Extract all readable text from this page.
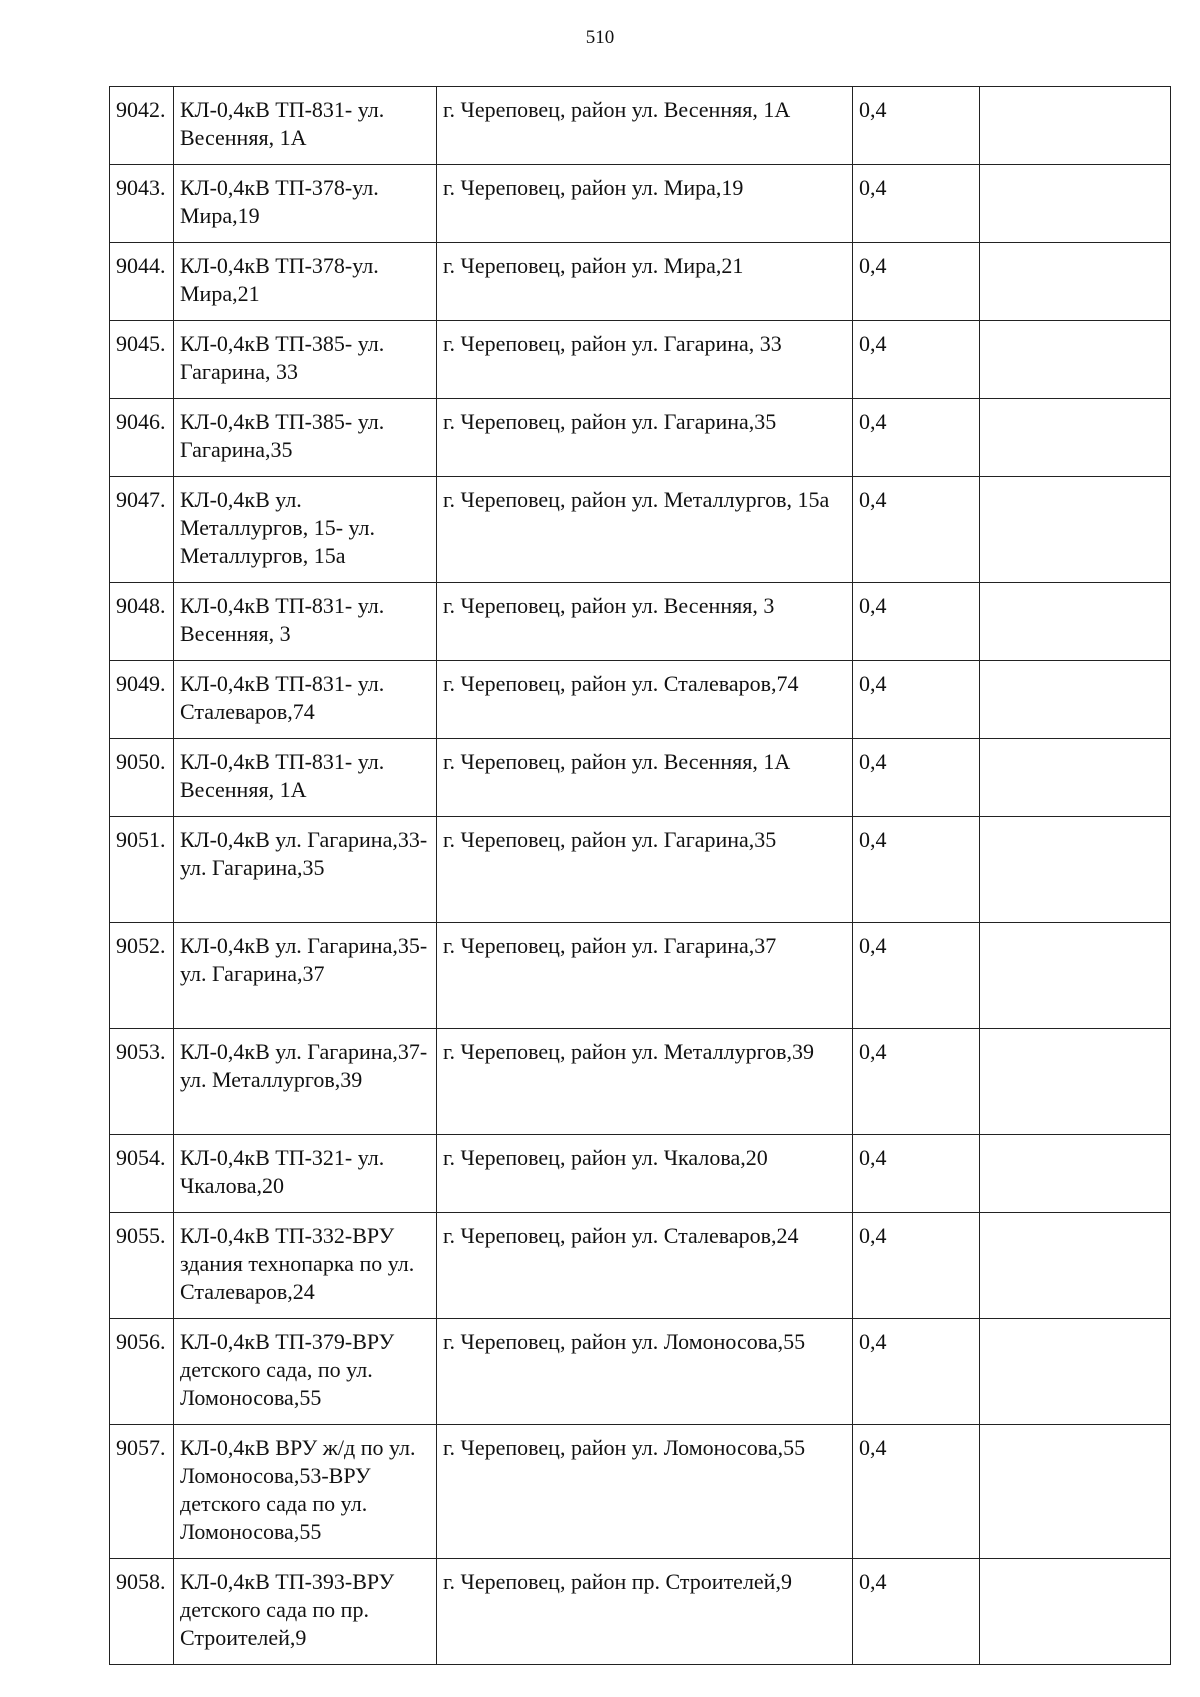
510
9042.	КЛ-0,4кВ ТП-831- ул. Весенняя, 1А	г. Череповец, район ул. Весенняя, 1А	0,4	
9043.	КЛ-0,4кВ ТП-378-ул. Мира,19	г. Череповец, район ул. Мира,19	0,4	
9044.	КЛ-0,4кВ ТП-378-ул. Мира,21	г. Череповец, район ул. Мира,21	0,4	
9045.	КЛ-0,4кВ ТП-385- ул. Гагарина, 33	г. Череповец, район ул. Гагарина, 33	0,4	
9046.	КЛ-0,4кВ ТП-385- ул. Гагарина,35	г. Череповец, район ул. Гагарина,35	0,4	
9047.	КЛ-0,4кВ ул. Металлургов, 15- ул. Металлургов, 15а	г. Череповец, район ул. Металлургов, 15а	0,4	
9048.	КЛ-0,4кВ ТП-831- ул. Весенняя, 3	г. Череповец, район ул. Весенняя, 3	0,4	
9049.	КЛ-0,4кВ ТП-831- ул. Сталеваров,74	г. Череповец, район ул. Сталеваров,74	0,4	
9050.	КЛ-0,4кВ ТП-831- ул. Весенняя, 1А	г. Череповец, район ул. Весенняя, 1А	0,4	
9051.	КЛ-0,4кВ ул. Гагарина,33- ул. Гагарина,35	г. Череповец, район ул. Гагарина,35	0,4	
9052.	КЛ-0,4кВ ул. Гагарина,35- ул. Гагарина,37	г. Череповец, район ул. Гагарина,37	0,4	
9053.	КЛ-0,4кВ ул. Гагарина,37- ул. Металлургов,39	г. Череповец, район ул. Металлургов,39	0,4	
9054.	КЛ-0,4кВ ТП-321- ул. Чкалова,20	г. Череповец, район ул. Чкалова,20	0,4	
9055.	КЛ-0,4кВ ТП-332-ВРУ здания технопарка по ул. Сталеваров,24	г. Череповец, район ул. Сталеваров,24	0,4	
9056.	КЛ-0,4кВ ТП-379-ВРУ детского сада, по ул. Ломоносова,55	г. Череповец, район ул. Ломоносова,55	0,4	
9057.	КЛ-0,4кВ ВРУ ж/д по ул. Ломоносова,53-ВРУ детского сада по ул. Ломоносова,55	г. Череповец, район ул. Ломоносова,55	0,4	
9058.	КЛ-0,4кВ ТП-393-ВРУ детского сада по пр. Строителей,9	г. Череповец, район пр. Строителей,9	0,4	
